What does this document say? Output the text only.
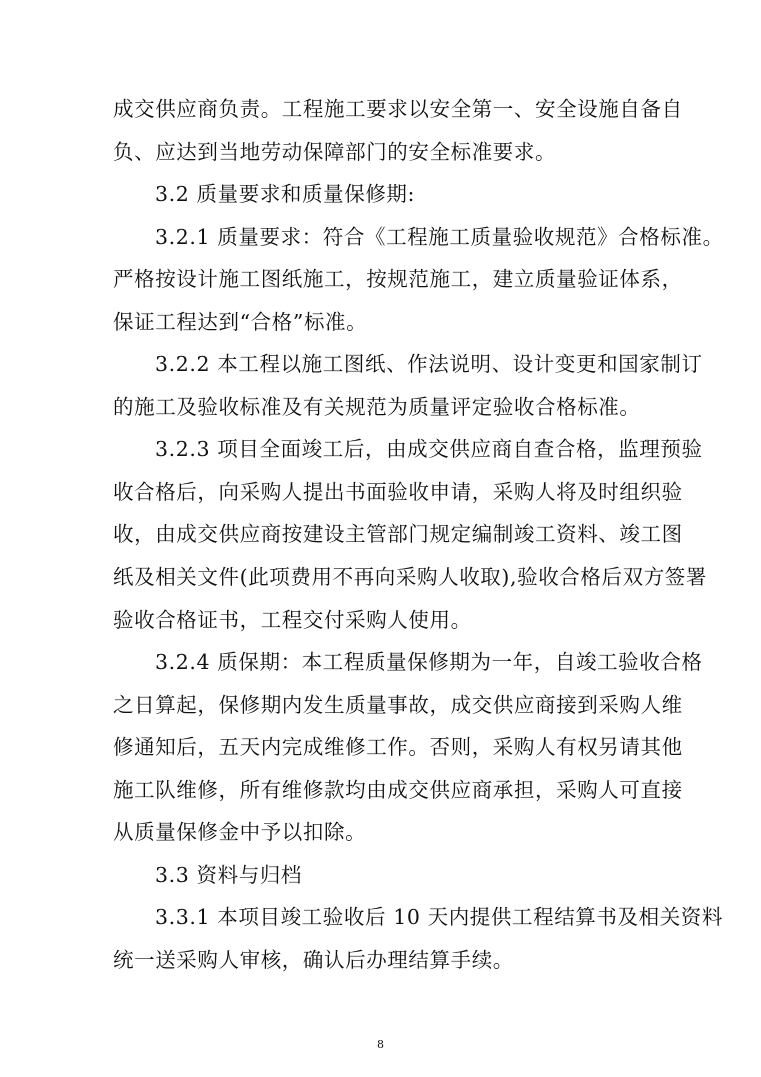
成交供应商负责。工程施工要求以安全第一、安全设施自备自
负、应达到当地劳动保障部门的安全标准要求。
3.2 质量要求和质量保修期:
3.2.1 质量要求：符合《工程施工质量验收规范》合格标准。
严格按设计施工图纸施工，按规范施工，建立质量验证体系，
保证工程达到“合格”标准。
3.2.2 本工程以施工图纸、作法说明、设计变更和国家制订
的施工及验收标准及有关规范为质量评定验收合格标准。
3.2.3 项目全面竣工后，由成交供应商自查合格，监理预验
收合格后，向采购人提出书面验收申请，采购人将及时组织验
收，由成交供应商按建设主管部门规定编制竣工资料、竣工图
纸及相关文件(此项费用不再向采购人收取),验收合格后双方签署
验收合格证书，工程交付采购人使用。
3.2.4 质保期：本工程质量保修期为一年，自竣工验收合格
之日算起，保修期内发生质量事故，成交供应商接到采购人维
修通知后，五天内完成维修工作。否则，采购人有权另请其他
施工队维修，所有维修款均由成交供应商承担，采购人可直接
从质量保修金中予以扣除。
3.3 资料与归档
3.3.1 本项目竣工验收后 10 天内提供工程结算书及相关资料
统一送采购人审核，确认后办理结算手续。
8
